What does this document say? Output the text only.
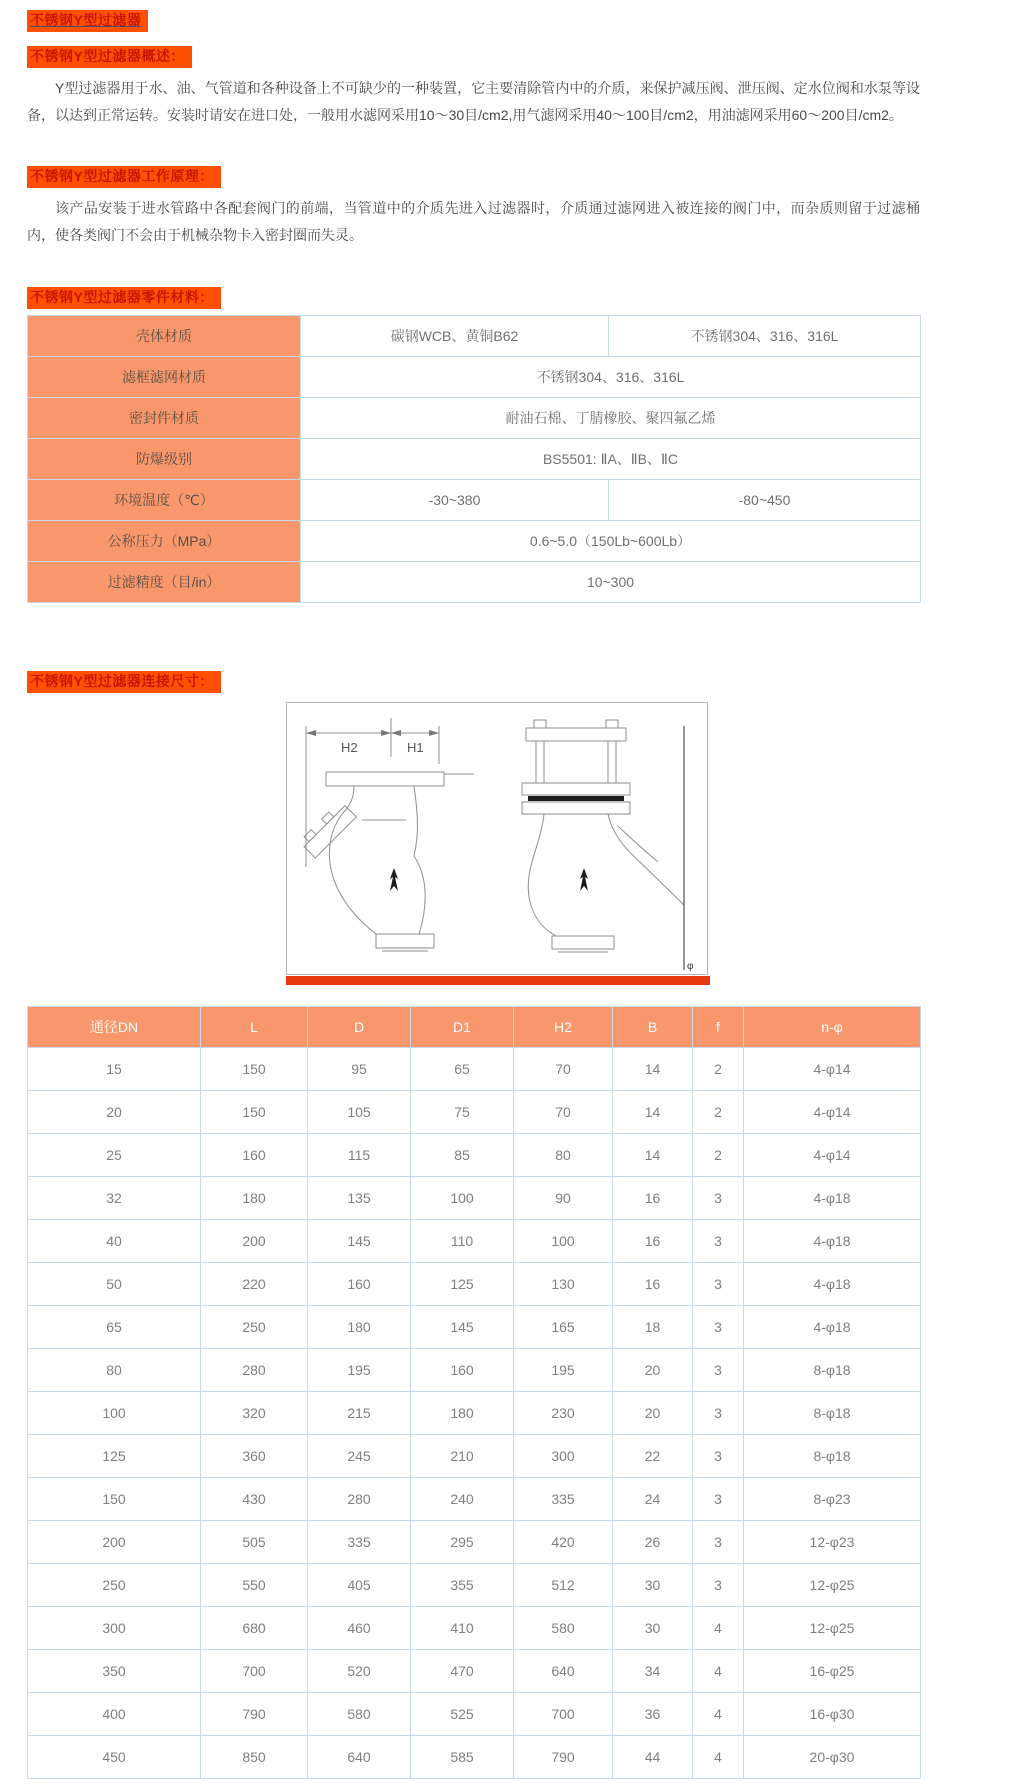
不锈钢Y型过滤器
不锈钢Y型过滤器概述：

Y型过滤器用于水、油、气管道和各种设备上不可缺少的一种装置，它主要清除管内中的介质，来保护减压阀、泄压阀、定水位阀和水泵等设备，以达到正常运转。安装时请安在进口处，一般用水滤网采用10～30目/cm2,用气滤网采用40～100目/cm2，用油滤网采用60～200目/cm2。

不锈钢Y型过滤器工作原理：

该产品安装于进水管路中各配套阀门的前端，当管道中的介质先进入过滤器时，介质通过滤网进入被连接的阀门中，而杂质则留于过滤桶内，使各类阀门不会由于机械杂物卡入密封圈而失灵。

不锈钢Y型过滤器零件材料：
壳体材质	碳钢WCB、黄铜B62	不锈钢304、316、316L
滤框滤网材质	不锈钢304、316、316L	
密封件材质	耐油石棉、丁腈橡胶、聚四氟乙烯	
防爆级别	BS5501: ⅡA、ⅡB、ⅡC	
环境温度（℃）	-30~380	-80~450
公称压力（MPa）	0.6~5.0（150Lb~600Lb）	
过滤精度（目/in）	10~300	
不锈钢Y型过滤器连接尺寸：
H2	H1
φ
通径DN	L	D	D1	H2	B	f	n-φ
15	150	95	65	70	14	2	4-φ14
20	150	105	75	70	14	2	4-φ14
25	160	115	85	80	14	2	4-φ14
32	180	135	100	90	16	3	4-φ18
40	200	145	110	100	16	3	4-φ18
50	220	160	125	130	16	3	4-φ18
65	250	180	145	165	18	3	4-φ18
80	280	195	160	195	20	3	8-φ18
100	320	215	180	230	20	3	8-φ18
125	360	245	210	300	22	3	8-φ18
150	430	280	240	335	24	3	8-φ23
200	505	335	295	420	26	3	12-φ23
250	550	405	355	512	30	3	12-φ25
300	680	460	410	580	30	4	12-φ25
350	700	520	470	640	34	4	16-φ25
400	790	580	525	700	36	4	16-φ30
450	850	640	585	790	44	4	20-φ30
